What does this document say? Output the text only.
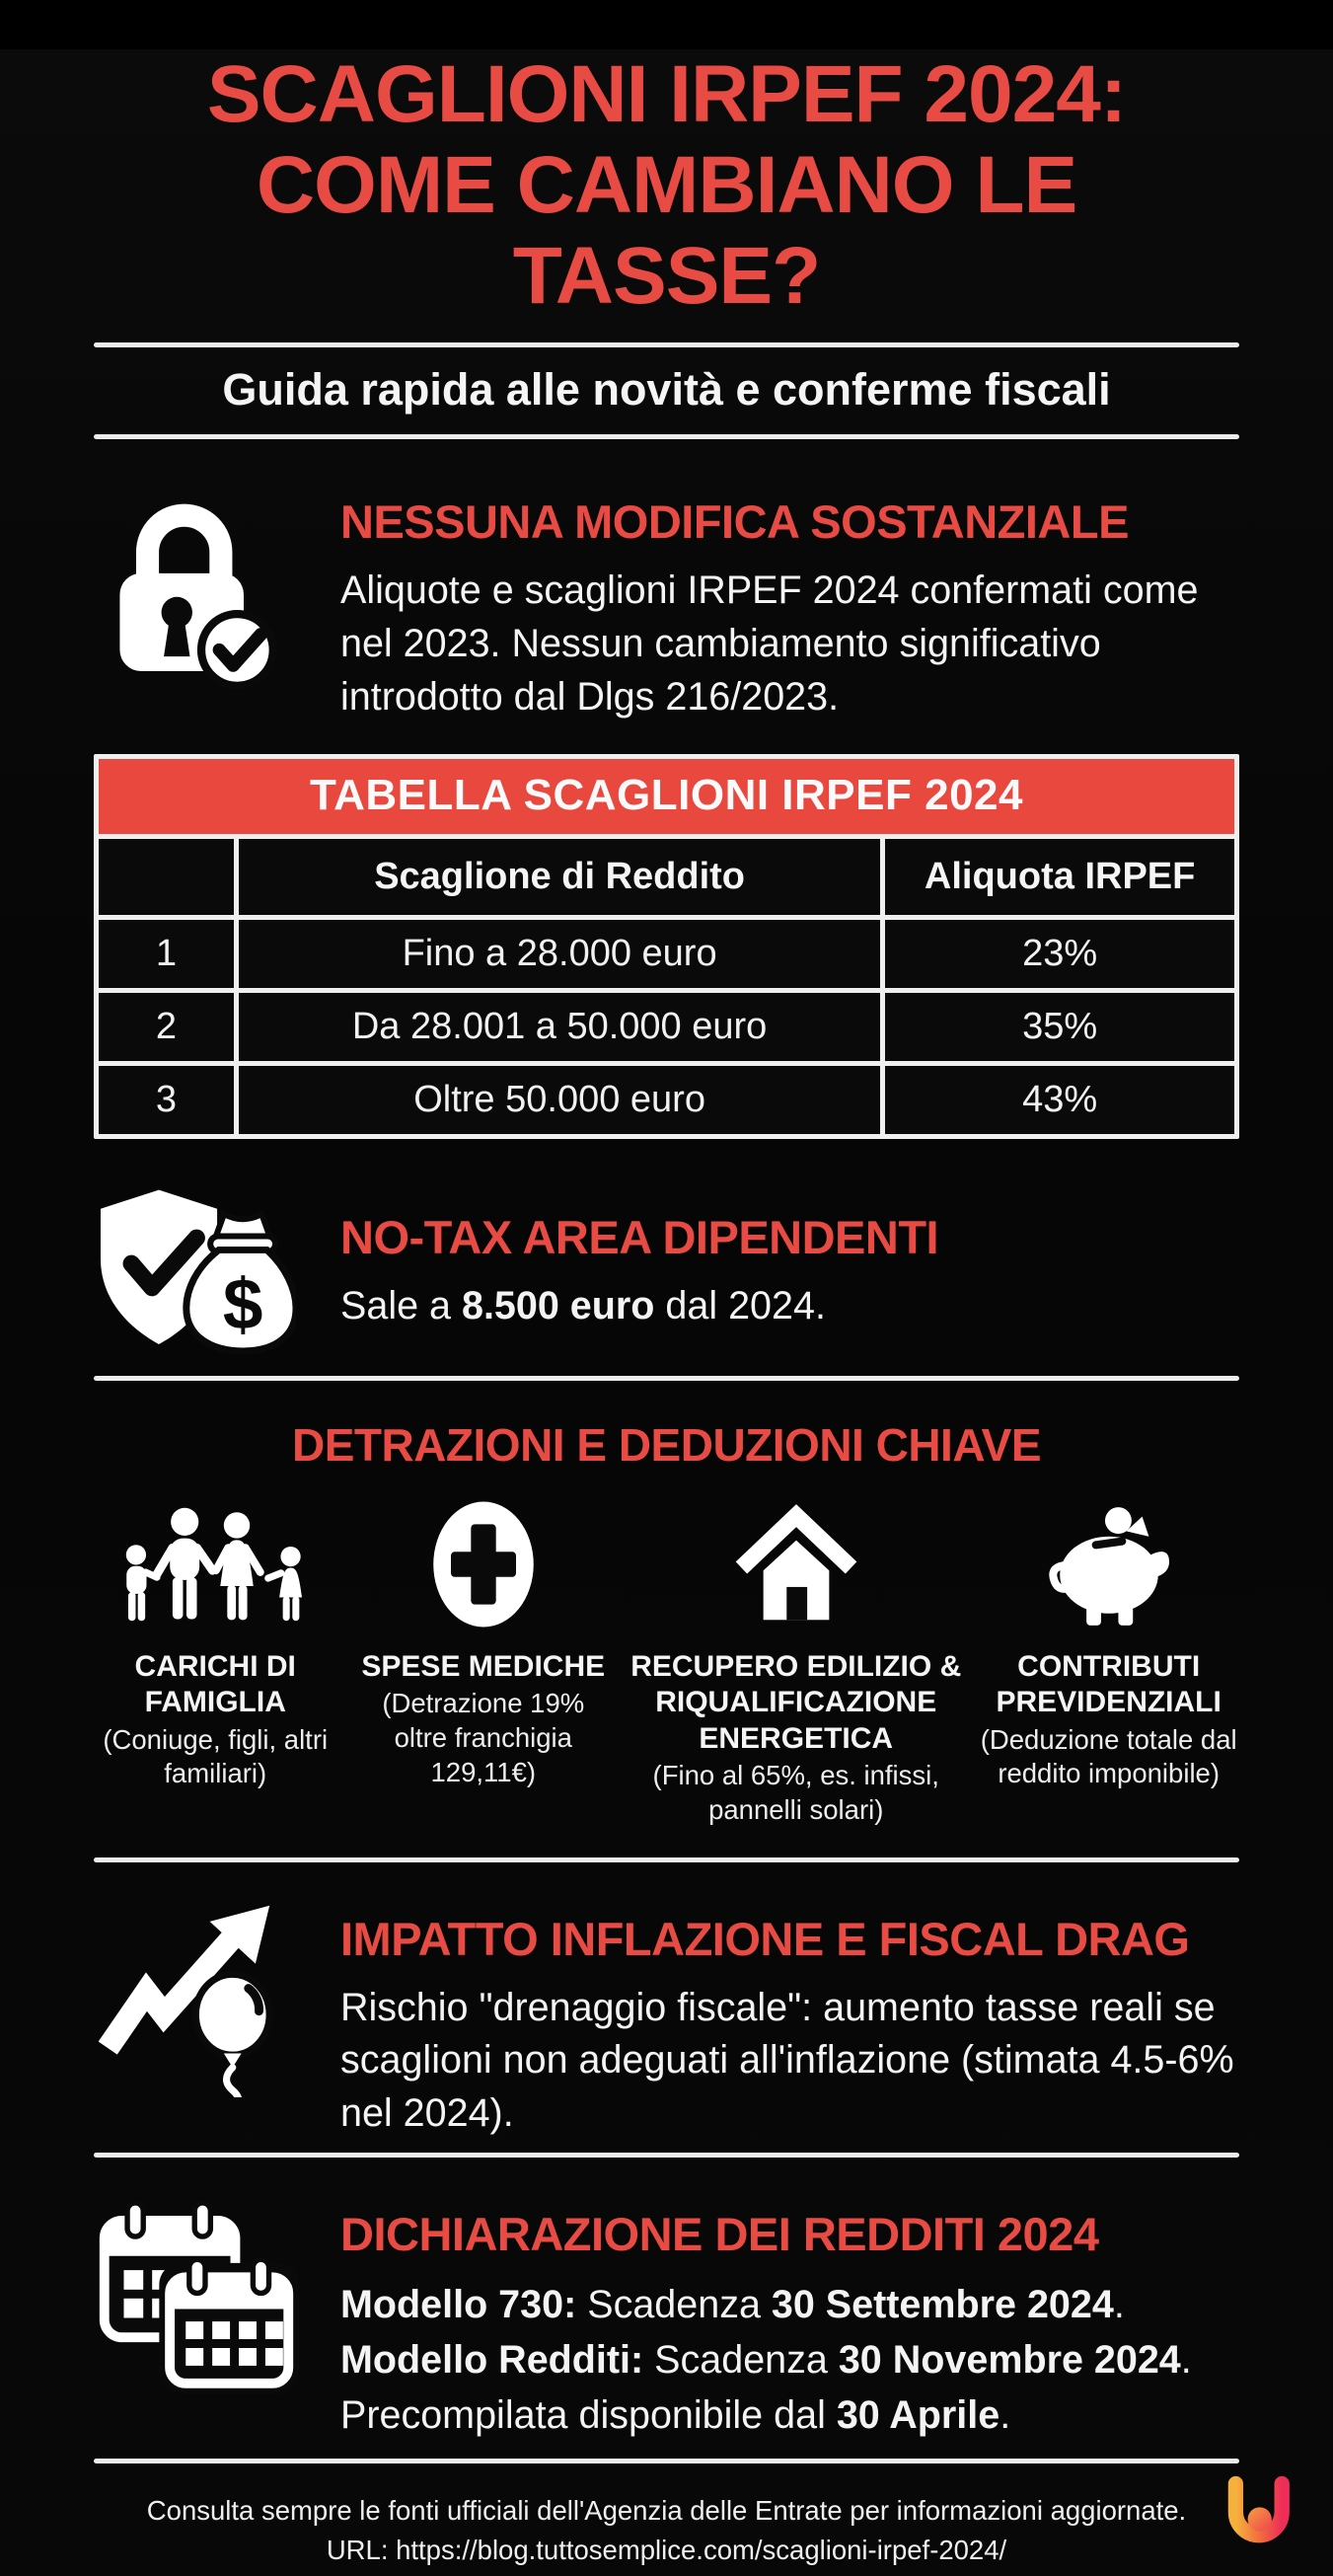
SCAGLIONI IRPEF 2024:
COME CAMBIANO LE TASSE?
Guida rapida alle novità e conferme fiscali
NESSUNA MODIFICA SOSTANZIALE
Aliquote e scaglioni IRPEF 2024 confermati come nel 2023. Nessun cambiamento significativo introdotto dal Dlgs 216/2023.
TABELLA SCAGLIONI IRPEF 2024		
	Scaglione di Reddito	Aliquota IRPEF
1	Fino a 28.000 euro	23%
2	Da 28.001 a 50.000 euro	35%
3	Oltre 50.000 euro	43%
$
NO-TAX AREA DIPENDENTI
Sale a 8.500 euro dal 2024.
DETRAZIONI E DEDUZIONI CHIAVE
CARICHI DI FAMIGLIA
(Coniuge, figli, altri familiari)
SPESE MEDICHE
(Detrazione 19% oltre franchigia 129,11€)
RECUPERO EDILIZIO & RIQUALIFICAZIONE ENERGETICA
(Fino al 65%, es. infissi, pannelli solari)
CONTRIBUTI PREVIDENZIALI
(Deduzione totale dal reddito imponibile)
IMPATTO INFLAZIONE E FISCAL DRAG
Rischio "drenaggio fiscale": aumento tasse reali se scaglioni non adeguati all'inflazione (stimata 4.5-6% nel 2024).
DICHIARAZIONE DEI REDDITI 2024
Modello 730: Scadenza 30 Settembre 2024.
Modello Redditi: Scadenza 30 Novembre 2024.
Precompilata disponibile dal 30 Aprile.
Consulta sempre le fonti ufficiali dell'Agenzia delle Entrate per informazioni aggiornate.
URL: https://blog.tuttosemplice.com/scaglioni-irpef-2024/
